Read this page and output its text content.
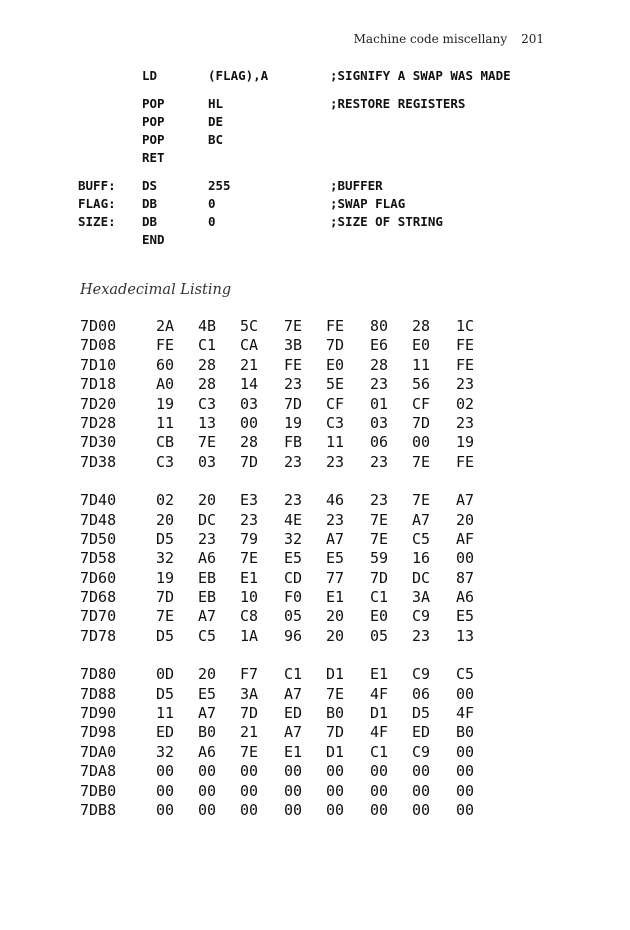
Machine code miscellany 201
LD	(FLAG),A	;SIGNIFY A SWAP WAS MADE
POP	HL	;RESTORE REGISTERS
POP	DE
POP	BC
RET
BUFF: DS	255	;BUFFER
FLAG: DB	0	;SWAP FLAG
SIZE: DB	0	;SIZE OF STRING
END
Hexadecimal Listing
7D00	2A 4B 5C 7E FE 80 28 1C
7D08	FE C1 CA 3B 7D E6 E0 FE
7D10	60 28 21 FE E0 28 11 FE
7D18	A0 28 14 23 5E 23 56 23
7D20	19 C3 03 7D CF 01 CF 02
7D28	11 13 00 19 C3 03 7D 23
7D30	CB 7E 28 FB 11 06 00 19
7D38	C3 03 7D 23 23 23 7E FE
7D40	02 20 E3 23 46 23 7E A7
7D48	20 DC 23 4E 23 7E A7 20
7D50	D5 23 79 32 A7 7E C5 AF
7D58	32 A6 7E E5 E5 59 16 00
7D60	19 EB E1 CD 77 7D DC 87
7D68	7D EB 10 F0 E1 C1 3A A6
7D70	7E A7 C8 05 20 E0 C9 E5
7D78	D5 C5 1A 96 20 05 23 13
7D80	0D 20 F7 C1 D1 E1 C9 C5
7D88	D5 E5 3A A7 7E 4F 06 00
7D90	11 A7 7D ED B0 D1 D5 4F
7D98	ED B0 21 A7 7D 4F ED B0
7DA0	32 A6 7E E1 D1 C1 C9 00
7DA8	00 00 00 00 00 00 00 00
7DB0	00 00 00 00 00 00 00 00
7DB8	00 00 00 00 00 00 00 00
